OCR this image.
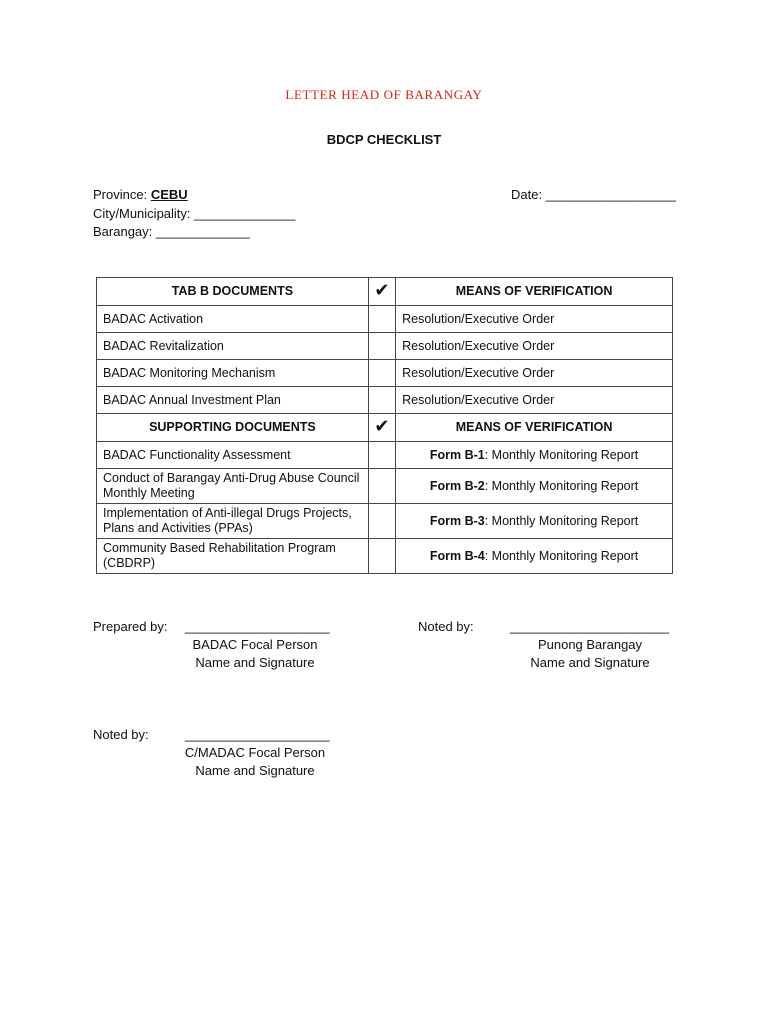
LETTER HEAD OF BARANGAY
BDCP CHECKLIST
Province: CEBU
City/Municipality: ______________
Barangay: _____________
Date: __________________
TAB B DOCUMENTS	✔	MEANS OF VERIFICATION
BADAC Activation		Resolution/Executive Order
BADAC Revitalization		Resolution/Executive Order
BADAC Monitoring Mechanism		Resolution/Executive Order
BADAC Annual Investment Plan		Resolution/Executive Order
SUPPORTING DOCUMENTS	✔	MEANS OF VERIFICATION
BADAC Functionality Assessment		Form B-1: Monthly Monitoring Report
Conduct of Barangay Anti-Drug Abuse Council Monthly Meeting		Form B-2: Monthly Monitoring Report
Implementation of Anti-illegal Drugs Projects, Plans and Activities (PPAs)		Form B-3: Monthly Monitoring Report
Community Based Rehabilitation Program (CBDRP)		Form B-4: Monthly Monitoring Report
Prepared by: ____________________
BADAC Focal Person
Name and Signature
Noted by:	______________________
Punong Barangay
Name and Signature
Noted by:	____________________
C/MADAC Focal Person
Name and Signature
